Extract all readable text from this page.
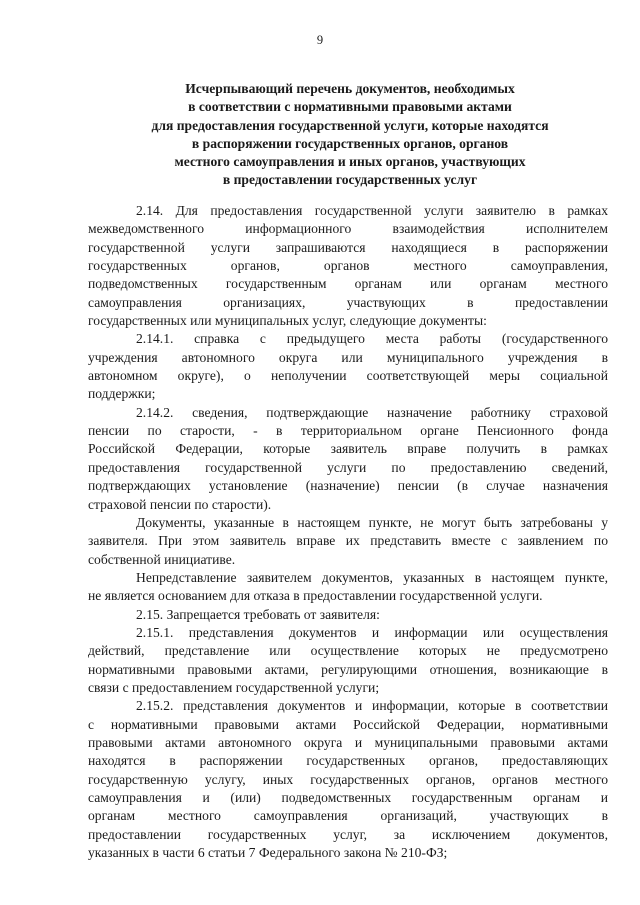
9
Исчерпывающий перечень документов, необходимых
в соответствии с нормативными правовыми актами
для предоставления государственной услуги, которые находятся
в распоряжении государственных органов, органов
местного самоуправления и иных органов, участвующих
в предоставлении государственных услуг
2.14. Для предоставления государственной услуги заявителю в рамках
межведомственного информационного взаимодействия исполнителем
государственной услуги запрашиваются находящиеся в распоряжении
государственных органов, органов местного самоуправления,
подведомственных государственным органам или органам местного
самоуправления организациях, участвующих в предоставлении
государственных или муниципальных услуг, следующие документы:
2.14.1. справка с предыдущего места работы (государственного
учреждения автономного округа или муниципального учреждения в
автономном округе), о неполучении соответствующей меры социальной
поддержки;
2.14.2. сведения, подтверждающие назначение работнику страховой
пенсии по старости, - в территориальном органе Пенсионного фонда
Российской Федерации, которые заявитель вправе получить в рамках
предоставления государственной услуги по предоставлению сведений,
подтверждающих установление (назначение) пенсии (в случае назначения
страховой пенсии по старости).
Документы, указанные в настоящем пункте, не могут быть затребованы у
заявителя. При этом заявитель вправе их представить вместе с заявлением по
собственной инициативе.
Непредставление заявителем документов, указанных в настоящем пункте,
не является основанием для отказа в предоставлении государственной услуги.
2.15. Запрещается требовать от заявителя:
2.15.1. представления документов и информации или осуществления
действий, представление или осуществление которых не предусмотрено
нормативными правовыми актами, регулирующими отношения, возникающие в
связи с предоставлением государственной услуги;
2.15.2. представления документов и информации, которые в соответствии
с нормативными правовыми актами Российской Федерации, нормативными
правовыми актами автономного округа и муниципальными правовыми актами
находятся в распоряжении государственных органов, предоставляющих
государственную услугу, иных государственных органов, органов местного
самоуправления и (или) подведомственных государственным органам и
органам местного самоуправления организаций, участвующих в
предоставлении государственных услуг, за исключением документов,
указанных в части 6 статьи 7 Федерального закона № 210-ФЗ;
